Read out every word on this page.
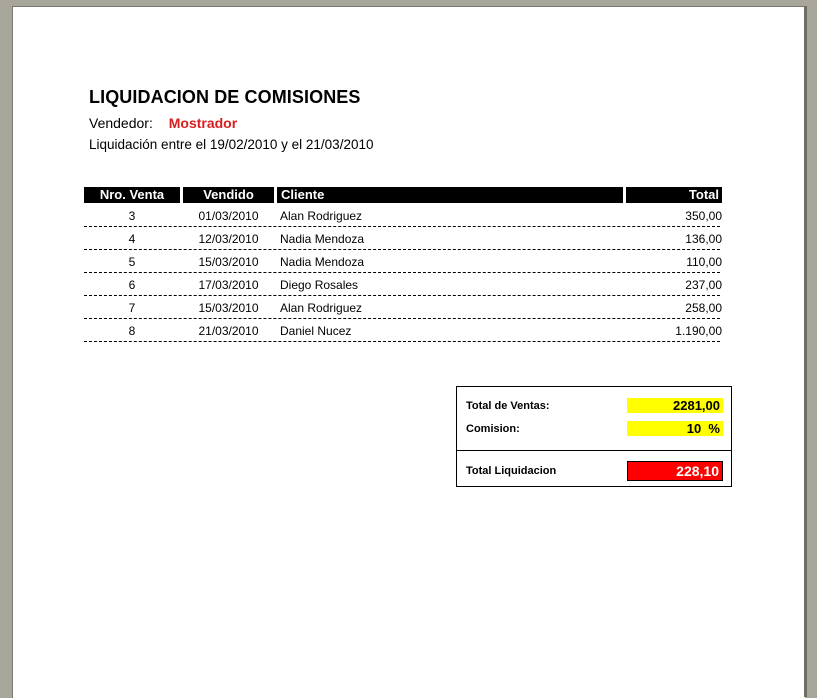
LIQUIDACION DE COMISIONES
Vendedor: Mostrador
Liquidación entre el 19/02/2010 y el 21/03/2010
Nro. Venta	Vendido	Cliente	Total
3	01/03/2010	Alan Rodriguez	350,00
4	12/03/2010	Nadia Mendoza	136,00
5	15/03/2010	Nadia Mendoza	110,00
6	17/03/2010	Diego Rosales	237,00
7	15/03/2010	Alan Rodriguez	258,00
8	21/03/2010	Daniel Nucez	1.190,00
Total de Ventas:	2281,00
Comision:	10  %
Total Liquidacion	228,10
